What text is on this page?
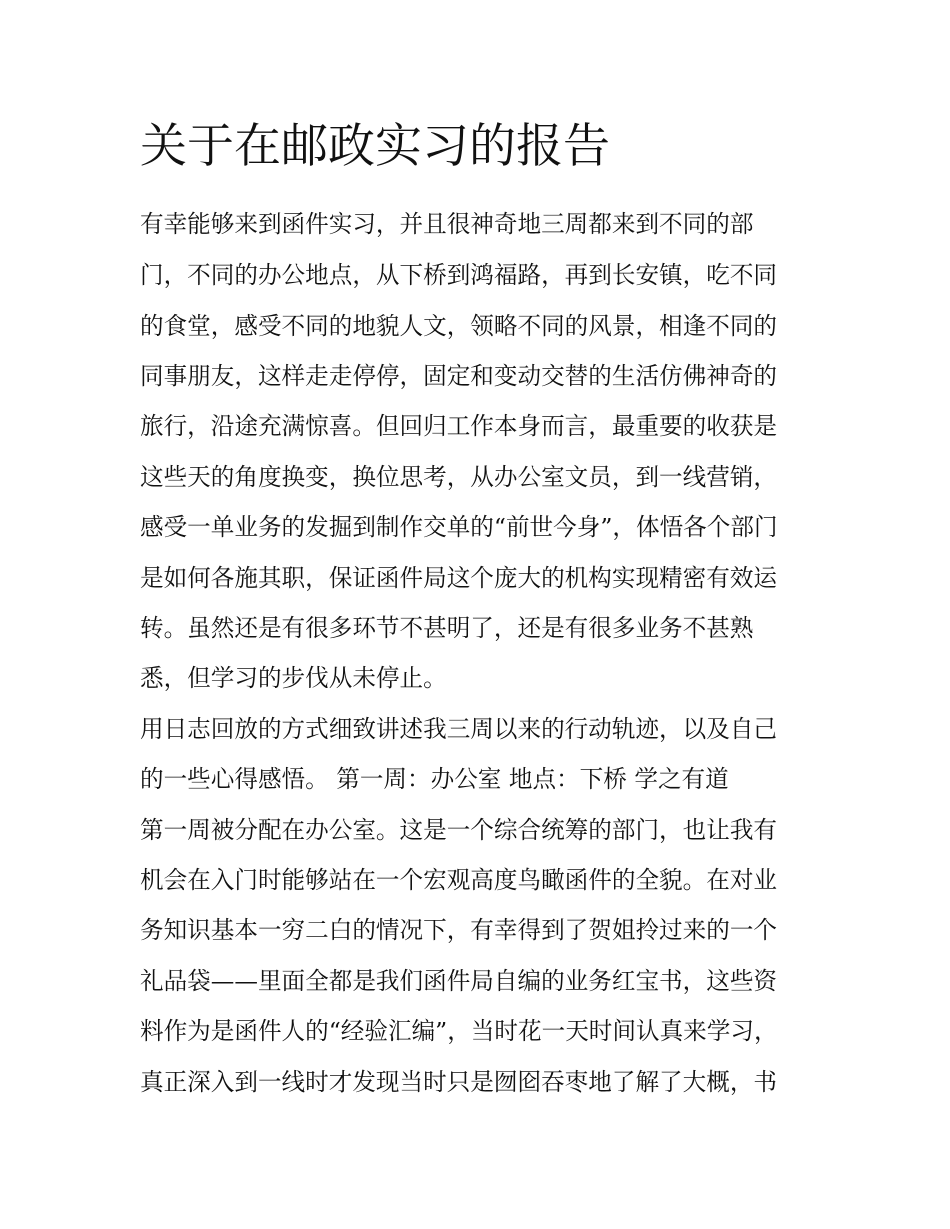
关于在邮政实习的报告

有幸能够来到函件实习，并且很神奇地三周都来到不同的部

门，不同的办公地点，从下桥到鸿福路，再到长安镇，吃不同

的食堂，感受不同的地貌人文，领略不同的风景，相逢不同的

同事朋友，这样走走停停，固定和变动交替的生活仿佛神奇的

旅行，沿途充满惊喜。但回归工作本身而言，最重要的收获是

这些天的角度换变，换位思考，从办公室文员，到一线营销，

感受一单业务的发掘到制作交单的“前世今身”，体悟各个部门

是如何各施其职，保证函件局这个庞大的机构实现精密有效运

转。虽然还是有很多环节不甚明了，还是有很多业务不甚熟

悉，但学习的步伐从未停止。

用日志回放的方式细致讲述我三周以来的行动轨迹，以及自己

的一些心得感悟。 第一周：办公室 地点：下桥 学之有道

第一周被分配在办公室。这是一个综合统筹的部门，也让我有

机会在入门时能够站在一个宏观高度鸟瞰函件的全貌。在对业

务知识基本一穷二白的情况下，有幸得到了贺姐拎过来的一个

礼品袋——里面全都是我们函件局自编的业务红宝书，这些资

料作为是函件人的“经验汇编”，当时花一天时间认真来学习，

真正深入到一线时才发现当时只是囫囵吞枣地了解了大概，书
